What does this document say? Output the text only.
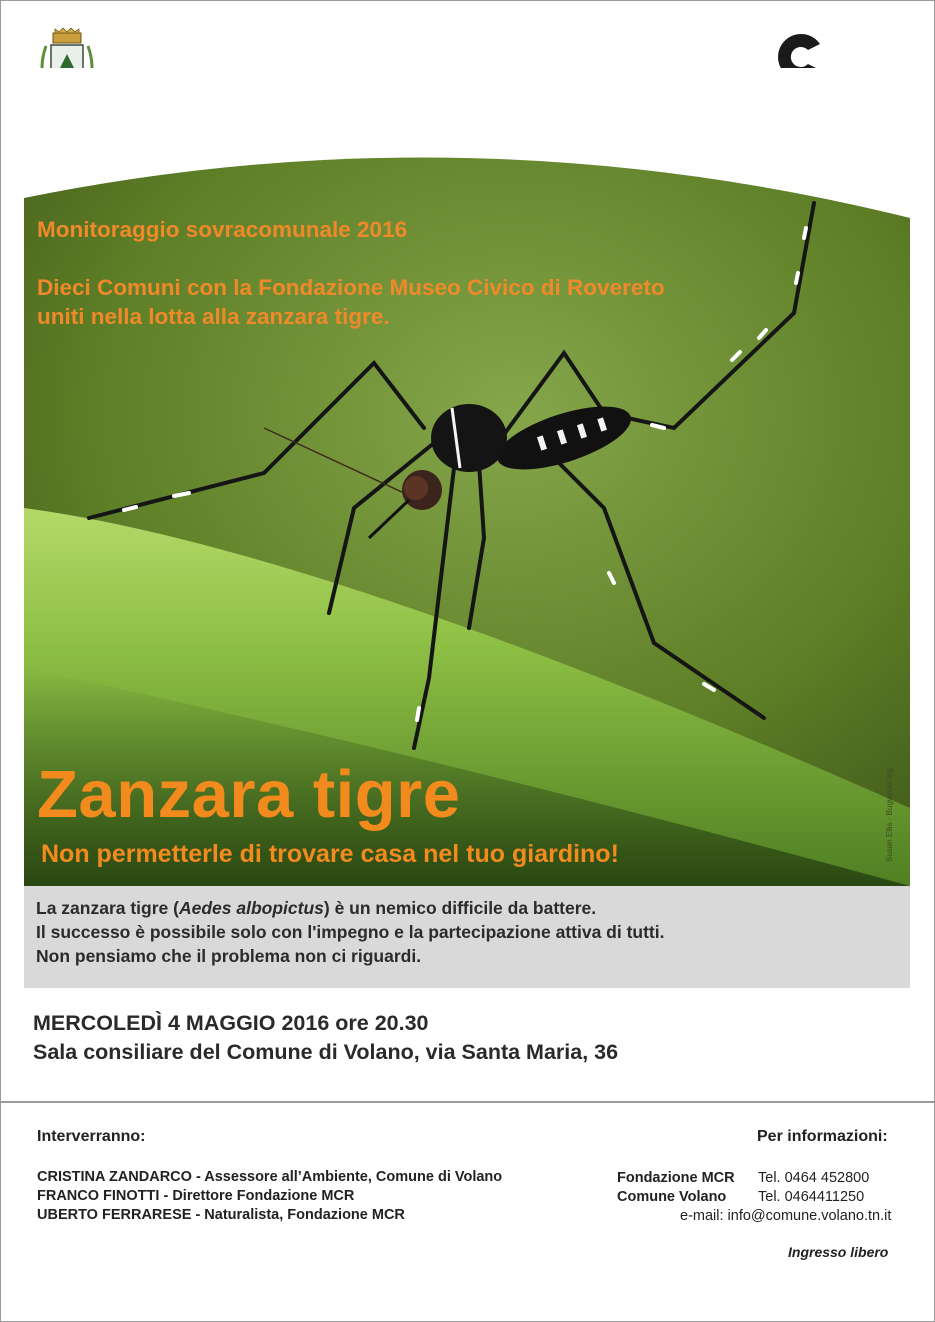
Monitoraggio sovracomunale 2016
Dieci Comuni con la Fondazione Museo Civico di Rovereto
uniti nella lotta alla zanzara tigre.
Zanzara tigre
Non permetterle di trovare casa nel tuo giardino!	Susan Ellis · Bugwood.org

La zanzara tigre (Aedes albopictus) è un nemico difficile da battere.

Il successo è possibile solo con l'impegno e la partecipazione attiva di tutti.

Non pensiamo che il problema non ci riguardi.

MERCOLEDÌ 4 MAGGIO 2016 ore 20.30
Sala consiliare del Comune di Volano, via Santa Maria, 36
Interverranno:
CRISTINA ZANDARCO - Assessore all’Ambiente, Comune di Volano
FRANCO FINOTTI - Direttore Fondazione MCR
UBERTO FERRARESE - Naturalista, Fondazione MCR
Per informazioni:
Fondazione MCR Tel. 0464 452800
Comune Volano Tel. 0464411250
e-mail: info@comune.volano.tn.it
Ingresso libero
